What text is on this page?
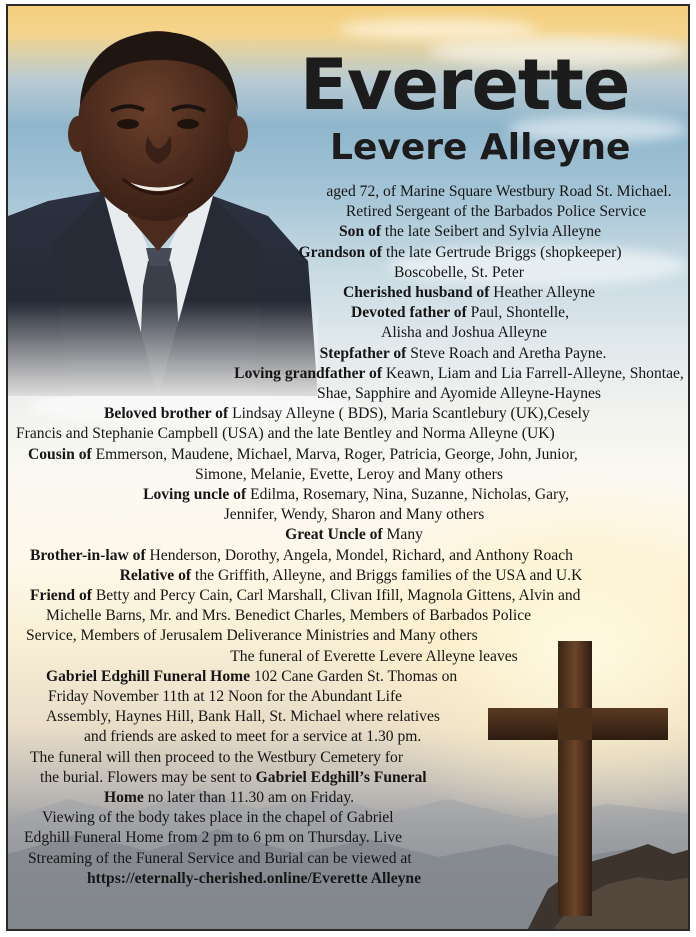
Everette
Levere Alleyne
aged 72, of Marine Square Westbury Road St. Michael.
Retired Sergeant of the Barbados Police Service
Son of the late Seibert and Sylvia Alleyne
Grandson of the late Gertrude Briggs (shopkeeper)
Boscobelle, St. Peter
Cherished husband of Heather Alleyne
Devoted father of Paul, Shontelle,
Alisha and Joshua Alleyne
Stepfather of Steve Roach and Aretha Payne.
Loving grandfather of Keawn, Liam and Lia Farrell-Alleyne, Shontae,
Shae, Sapphire and Ayomide Alleyne-Haynes
Beloved brother of Lindsay Alleyne ( BDS), Maria Scantlebury (UK),Cesely
Francis and Stephanie Campbell (USA) and the late Bentley and Norma Alleyne (UK)
Cousin of Emmerson, Maudene, Michael, Marva, Roger, Patricia, George, John, Junior,
Simone, Melanie, Evette, Leroy and Many others
Loving uncle of Edilma, Rosemary, Nina, Suzanne, Nicholas, Gary,
Jennifer, Wendy, Sharon and Many others
Great Uncle of Many
Brother-in-law of Henderson, Dorothy, Angela, Mondel, Richard, and Anthony Roach
Relative of the Griffith, Alleyne, and Briggs families of the USA and U.K
Friend of Betty and Percy Cain, Carl Marshall, Clivan Ifill, Magnola Gittens, Alvin and
Michelle Barns, Mr. and Mrs. Benedict Charles, Members of Barbados Police
Service, Members of Jerusalem Deliverance Ministries and Many others
The funeral of Everette Levere Alleyne leaves
Gabriel Edghill Funeral Home 102 Cane Garden St. Thomas on
Friday November 11th at 12 Noon for the Abundant Life
Assembly, Haynes Hill, Bank Hall, St. Michael where relatives
and friends are asked to meet for a service at 1.30 pm.
The funeral will then proceed to the Westbury Cemetery for
the burial. Flowers may be sent to Gabriel Edghill’s Funeral
Home no later than 11.30 am on Friday.
Viewing of the body takes place in the chapel of Gabriel
Edghill Funeral Home from 2 pm to 6 pm on Thursday. Live
Streaming of the Funeral Service and Burial can be viewed at
https://eternally-cherished.online/Everette Alleyne
